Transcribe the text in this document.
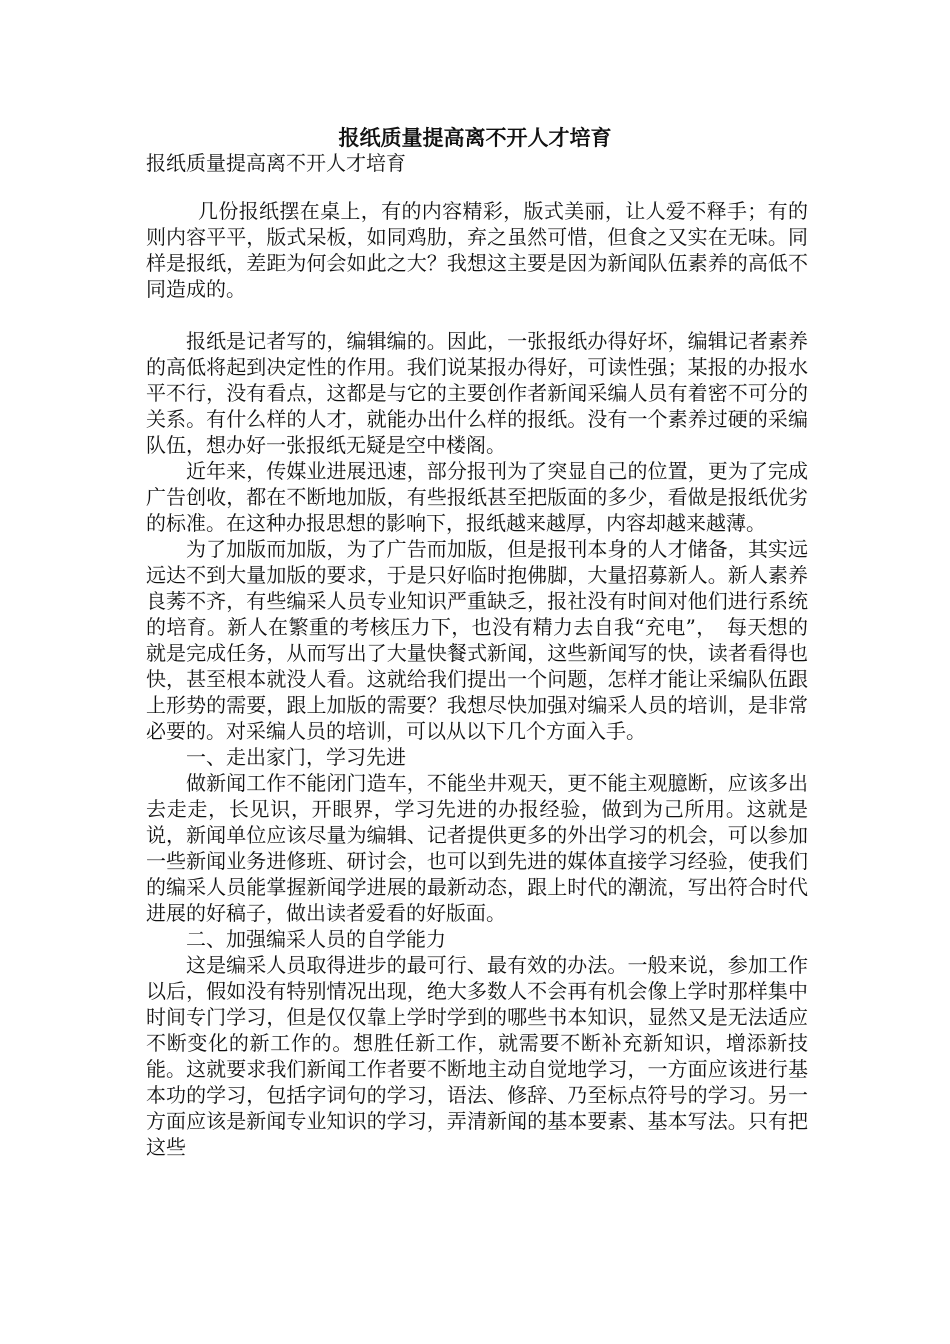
报纸质量提高离不开人才培育

报纸质量提高离不开人才培育

几份报纸摆在桌上，有的内容精彩，版式美丽，让人爱不释手；有的则内容平平，版式呆板，如同鸡肋，弃之虽然可惜，但食之又实在无味。同样是报纸，差距为何会如此之大？我想这主要是因为新闻队伍素养的高低不同造成的。

报纸是记者写的，编辑编的。因此，一张报纸办得好坏，编辑记者素养的高低将起到决定性的作用。我们说某报办得好，可读性强；某报的办报水平不行，没有看点，这都是与它的主要创作者新闻采编人员有着密不可分的关系。有什么样的人才，就能办出什么样的报纸。没有一个素养过硬的采编队伍，想办好一张报纸无疑是空中楼阁。

近年来，传媒业进展迅速，部分报刊为了突显自己的位置，更为了完成广告创收，都在不断地加版，有些报纸甚至把版面的多少，看做是报纸优劣的标准。在这种办报思想的影响下，报纸越来越厚，内容却越来越薄。

为了加版而加版，为了广告而加版，但是报刊本身的人才储备，其实远远达不到大量加版的要求，于是只好临时抱佛脚，大量招募新人。新人素养良莠不齐，有些编采人员专业知识严重缺乏，报社没有时间对他们进行系统的培育。新人在繁重的考核压力下，也没有精力去自我“充电”，　每天想的就是完成任务，从而写出了大量快餐式新闻，这些新闻写的快，读者看得也快，甚至根本就没人看。这就给我们提出一个问题，怎样才能让采编队伍跟上形势的需要，跟上加版的需要？我想尽快加强对编采人员的培训，是非常必要的。对采编人员的培训，可以从以下几个方面入手。

一、走出家门，学习先进

做新闻工作不能闭门造车，不能坐井观天，更不能主观臆断，应该多出去走走，长见识，开眼界，学习先进的办报经验，做到为己所用。这就是说，新闻单位应该尽量为编辑、记者提供更多的外出学习的机会，可以参加一些新闻业务进修班、研讨会，也可以到先进的媒体直接学习经验，使我们的编采人员能掌握新闻学进展的最新动态，跟上时代的潮流，写出符合时代进展的好稿子，做出读者爱看的好版面。

二、加强编采人员的自学能力

这是编采人员取得进步的最可行、最有效的办法。一般来说，参加工作以后，假如没有特别情况出现，绝大多数人不会再有机会像上学时那样集中时间专门学习，但是仅仅靠上学时学到的哪些书本知识，显然又是无法适应不断变化的新工作的。想胜任新工作，就需要不断补充新知识，增添新技能。这就要求我们新闻工作者要不断地主动自觉地学习，一方面应该进行基本功的学习，包括字词句的学习，语法、修辞、乃至标点符号的学习。另一方面应该是新闻专业知识的学习，弄清新闻的基本要素、基本写法。只有把这些
